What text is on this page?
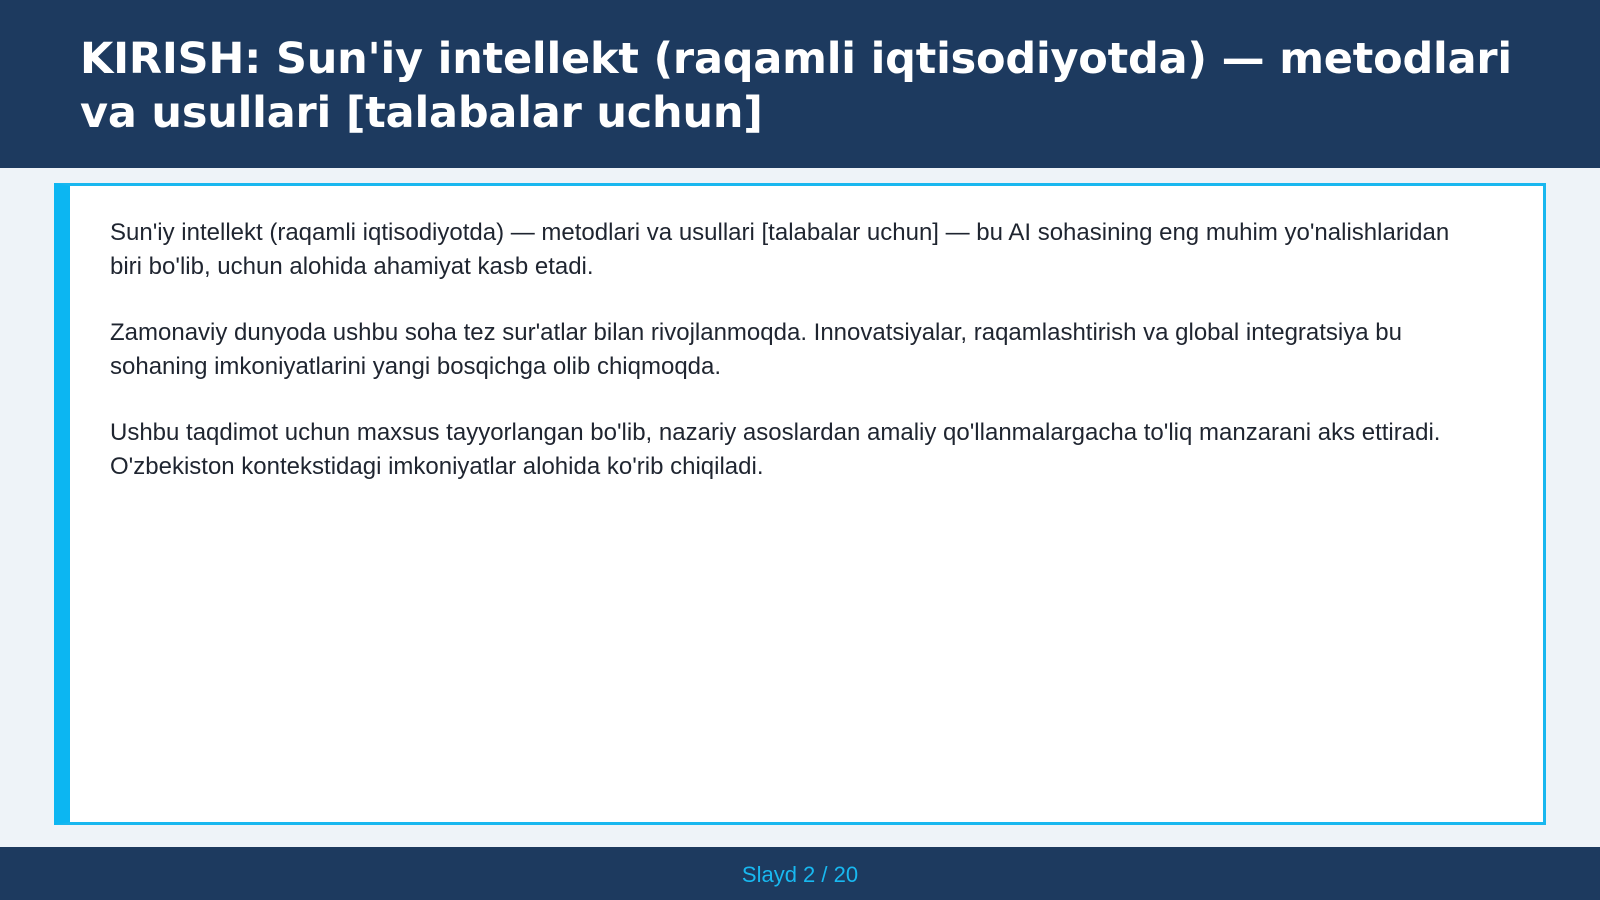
KIRISH: Sun'iy intellekt (raqamli iqtisodiyotda) — metodlari va usullari [talabalar uchun]

Sun'iy intellekt (raqamli iqtisodiyotda) — metodlari va usullari [talabalar uchun] — bu AI sohasining eng muhim yo'nalishlaridan biri bo'lib, uchun alohida ahamiyat kasb etadi.

Zamonaviy dunyoda ushbu soha tez sur'atlar bilan rivojlanmoqda. Innovatsiyalar, raqamlashtirish va global integratsiya bu sohaning imkoniyatlarini yangi bosqichga olib chiqmoqda.

Ushbu taqdimot uchun maxsus tayyorlangan bo'lib, nazariy asoslardan amaliy qo'llanmalargacha to'liq manzarani aks ettiradi. O'zbekiston kontekstidagi imkoniyatlar alohida ko'rib chiqiladi.

Slayd 2 / 20
